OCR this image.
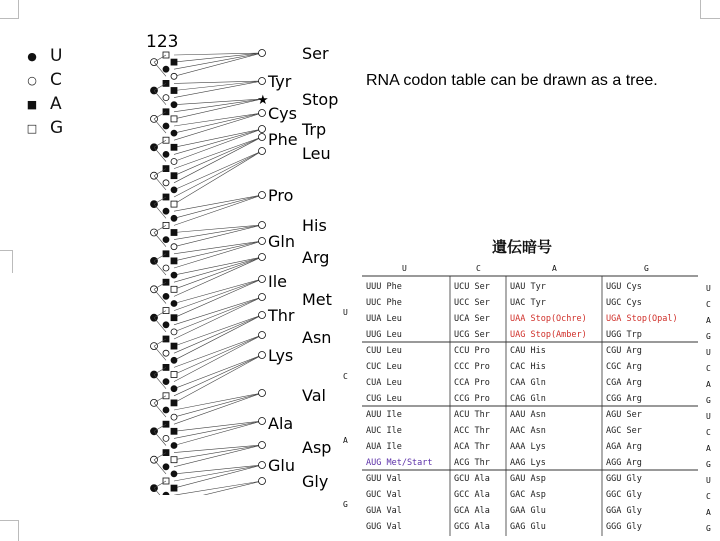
● U
○ C
■ A
□ G
123
Ser
Tyr
★ Stop
Cys
Trp
Phe
Leu
Pro
His
Gln
Arg
Ile
Met
Thr
Asn
Lys
Val
Ala
Asp
Glu
Gly
RNA codon table can be drawn as a tree.
遺伝暗号
U	C	A	G
UUU Phe	UCU Ser UAU Tyr	UGU Cys
UUC Phe	UCC Ser UAC Tyr	UGC Cys
UUA Leu	UCA Ser UAA Stop(Ochre) UGA Stop(Opal)
UUG Leu	UCG Ser UAG Stop(Amber) UGG Trp
CUU Leu	CCU Pro CAU His	CGU Arg
CUC Leu	CCC Pro CAC His	CGC Arg
CUA Leu	CCA Pro CAA Gln	CGA Arg
CUG Leu	CCG Pro CAG Gln	CGG Arg
AUU Ile	ACU Thr AAU Asn	AGU Ser
AUC Ile	ACC Thr AAC Asn	AGC Ser
AUA Ile	ACA Thr AAA Lys	AGA Arg
AUG Met/Start	ACG Thr AAG Lys	AGG Arg
GUU Val	GCU Ala GAU Asp	GGU Gly
GUC Val	GCC Ala GAC Asp	GGC Gly
GUA Val	GCA Ala GAA Glu	GGA Gly
GUG Val	GCG Ala GAG Glu	GGG Gly
U
C
A
G
U
C
A
G
U
C
A
G
U
C
A
G
U
C
A
G
